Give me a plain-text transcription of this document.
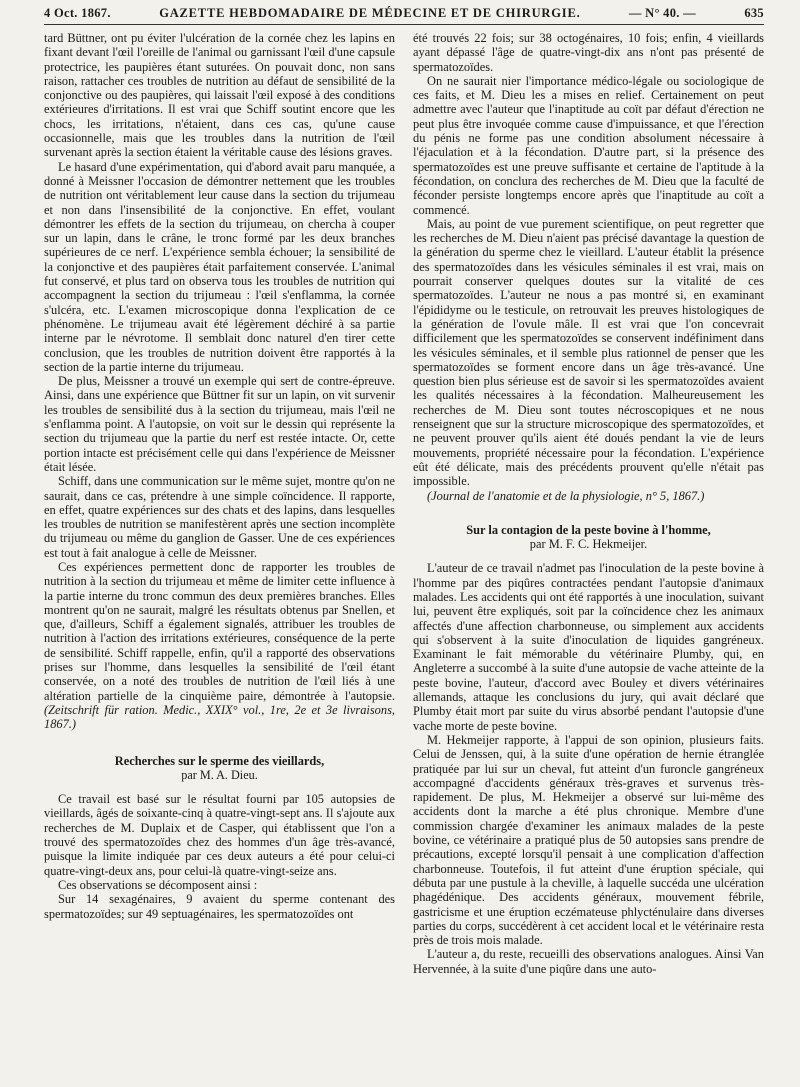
4 Oct. 1867.	GAZETTE HEBDOMADAIRE DE MÉDECINE ET DE CHIRURGIE.	— N° 40. —	635

tard Büttner, ont pu éviter l'ulcération de la cornée chez les lapins en fixant devant l'œil l'oreille de l'animal ou garnissant l'œil d'une capsule protectrice, les paupières étant suturées. On pouvait donc, non sans raison, rattacher ces troubles de nutrition au défaut de sensibilité de la conjonctive ou des paupières, qui laissait l'œil exposé à des conditions extérieures d'irritations. Il est vrai que Schiff soutint encore que les chocs, les irritations, n'étaient, dans ces cas, qu'une cause occasionnelle, mais que les troubles dans la nutrition de l'œil survenant après la section étaient la véritable cause des lésions graves.

Le hasard d'une expérimentation, qui d'abord avait paru manquée, a donné à Meissner l'occasion de démontrer nettement que les troubles de nutrition ont véritablement leur cause dans la section du trijumeau et non dans l'insensibilité de la conjonctive. En effet, voulant démontrer les effets de la section du trijumeau, on chercha à couper sur un lapin, dans le crâne, le tronc formé par les deux branches supérieures de ce nerf. L'expérience sembla échouer; la sensibilité de la conjonctive et des paupières était parfaitement conservée. L'animal fut conservé, et plus tard on observa tous les troubles de nutrition qui accompagnent la section du trijumeau : l'œil s'enflamma, la cornée s'ulcéra, etc. L'examen microscopique donna l'explication de ce phénomène. Le trijumeau avait été légèrement déchiré à sa partie interne par le névrotome. Il semblait donc naturel d'en tirer cette conclusion, que les troubles de nutrition doivent être rapportés à la section de la partie interne du trijumeau.

De plus, Meissner a trouvé un exemple qui sert de contre-épreuve. Ainsi, dans une expérience que Büttner fit sur un lapin, on vit survenir les troubles de sensibilité dus à la section du trijumeau, mais l'œil ne s'enflamma point. A l'autopsie, on voit sur le dessin qui représente la section du trijumeau que la partie du nerf est restée intacte. Or, cette portion intacte est précisément celle qui dans l'expérience de Meissner était lésée.

Schiff, dans une communication sur le même sujet, montre qu'on ne saurait, dans ce cas, prétendre à une simple coïncidence. Il rapporte, en effet, quatre expériences sur des chats et des lapins, dans lesquelles les troubles de nutrition se manifestèrent après une section incomplète du trijumeau ou même du ganglion de Gasser. Une de ces expériences est tout à fait analogue à celle de Meissner.

Ces expériences permettent donc de rapporter les troubles de nutrition à la section du trijumeau et même de limiter cette influence à la partie interne du tronc commun des deux premières branches. Elles montrent qu'on ne saurait, malgré les résultats obtenus par Snellen, et que, d'ailleurs, Schiff a également signalés, attribuer les troubles de nutrition à l'action des irritations extérieures, conséquence de la perte de sensibilité. Schiff rappelle, enfin, qu'il a rapporté des observations prises sur l'homme, dans lesquelles la sensibilité de l'œil étant conservée, on a noté des troubles de nutrition de l'œil liés à une altération partielle de la cinquième paire, démontrée à l'autopsie. (Zeitschrift für ration. Medic., XXIX° vol., 1re, 2e et 3e livraisons, 1867.)

Recherches sur le sperme des vieillards,
par M. A. Dieu.

Ce travail est basé sur le résultat fourni par 105 autopsies de vieillards, âgés de soixante-cinq à quatre-vingt-sept ans. Il s'ajoute aux recherches de M. Duplaix et de Casper, qui établissent que l'on a trouvé des spermatozoïdes chez des hommes d'un âge très-avancé, puisque la limite indiquée par ces deux auteurs a été pour celui-ci quatre-vingt-deux ans, pour celui-là quatre-vingt-seize ans.

Ces observations se décomposent ainsi :

Sur 14 sexagénaires, 9 avaient du sperme contenant des spermatozoïdes; sur 49 septuagénaires, les spermatozoïdes ont

été trouvés 22 fois; sur 38 octogénaires, 10 fois; enfin, 4 vieillards ayant dépassé l'âge de quatre-vingt-dix ans n'ont pas présenté de spermatozoïdes.

On ne saurait nier l'importance médico-légale ou sociologique de ces faits, et M. Dieu les a mises en relief. Certainement on peut admettre avec l'auteur que l'inaptitude au coït par défaut d'érection ne peut plus être invoquée comme cause d'impuissance, et que l'érection du pénis ne forme pas une condition absolument nécessaire à l'éjaculation et à la fécondation. D'autre part, si la présence des spermatozoïdes est une preuve suffisante et certaine de l'aptitude à la fécondation, on conclura des recherches de M. Dieu que la faculté de féconder persiste longtemps encore après que l'inaptitude au coït a commencé.

Mais, au point de vue purement scientifique, on peut regretter que les recherches de M. Dieu n'aient pas précisé davantage la question de la génération du sperme chez le vieillard. L'auteur établit la présence des spermatozoïdes dans les vésicules séminales il est vrai, mais on pourrait conserver quelques doutes sur la vitalité de ces spermatozoïdes. L'auteur ne nous a pas montré si, en examinant l'épididyme ou le testicule, on retrouvait les preuves histologiques de la génération de l'ovule mâle. Il est vrai que l'on concevrait difficilement que les spermatozoïdes se conservent indéfiniment dans les vésicules séminales, et il semble plus rationnel de penser que les spermatozoïdes se forment encore dans un âge très-avancé. Une question bien plus sérieuse est de savoir si les spermatozoïdes avaient les qualités nécessaires à la fécondation. Malheureusement les recherches de M. Dieu sont toutes nécroscopiques et ne nous renseignent que sur la structure microscopique des spermatozoïdes, et ne peuvent prouver qu'ils aient été doués pendant la vie de leurs mouvements, propriété nécessaire pour la fécondation. L'expérience eût été délicate, mais des précédents prouvent qu'elle n'était pas impossible.

(Journal de l'anatomie et de la physiologie, n° 5, 1867.)

Sur la contagion de la peste bovine à l'homme,
par M. F. C. Hekmeijer.

L'auteur de ce travail n'admet pas l'inoculation de la peste bovine à l'homme par des piqûres contractées pendant l'autopsie d'animaux malades. Les accidents qui ont été rapportés à une inoculation, suivant lui, peuvent être expliqués, soit par la coïncidence chez les animaux affectés d'une affection charbonneuse, ou simplement aux accidents qui s'observent à la suite d'inoculation de liquides gangréneux. Examinant le fait mémorable du vétérinaire Plumby, qui, en Angleterre a succombé à la suite d'une autopsie de vache atteinte de la peste bovine, l'auteur, d'accord avec Bouley et divers vétérinaires allemands, attaque les conclusions du jury, qui avait déclaré que Plumby était mort par suite du virus absorbé pendant l'autopsie d'une vache morte de peste bovine.

M. Hekmeijer rapporte, à l'appui de son opinion, plusieurs faits. Celui de Jenssen, qui, à la suite d'une opération de hernie étranglée pratiquée par lui sur un cheval, fut atteint d'un furoncle gangréneux accompagné d'accidents généraux très-graves et survenus très-rapidement. De plus, M. Hekmeijer a observé sur lui-même des accidents dont la marche a été plus chronique. Membre d'une commission chargée d'examiner les animaux malades de la peste bovine, ce vétérinaire a pratiqué plus de 50 autopsies sans prendre de précautions, excepté lorsqu'il pensait à une complication d'affection charbonneuse. Toutefois, il fut atteint d'une éruption spéciale, qui débuta par une pustule à la cheville, à laquelle succéda une ulcération phagédénique. Des accidents généraux, mouvement fébrile, gastricisme et une éruption eczémateuse phlycténulaire dans diverses parties du corps, succédèrent à cet accident local et le vétérinaire resta près de trois mois malade.

L'auteur a, du reste, recueilli des observations analogues. Ainsi Van Hervennée, à la suite d'une piqûre dans une auto-
